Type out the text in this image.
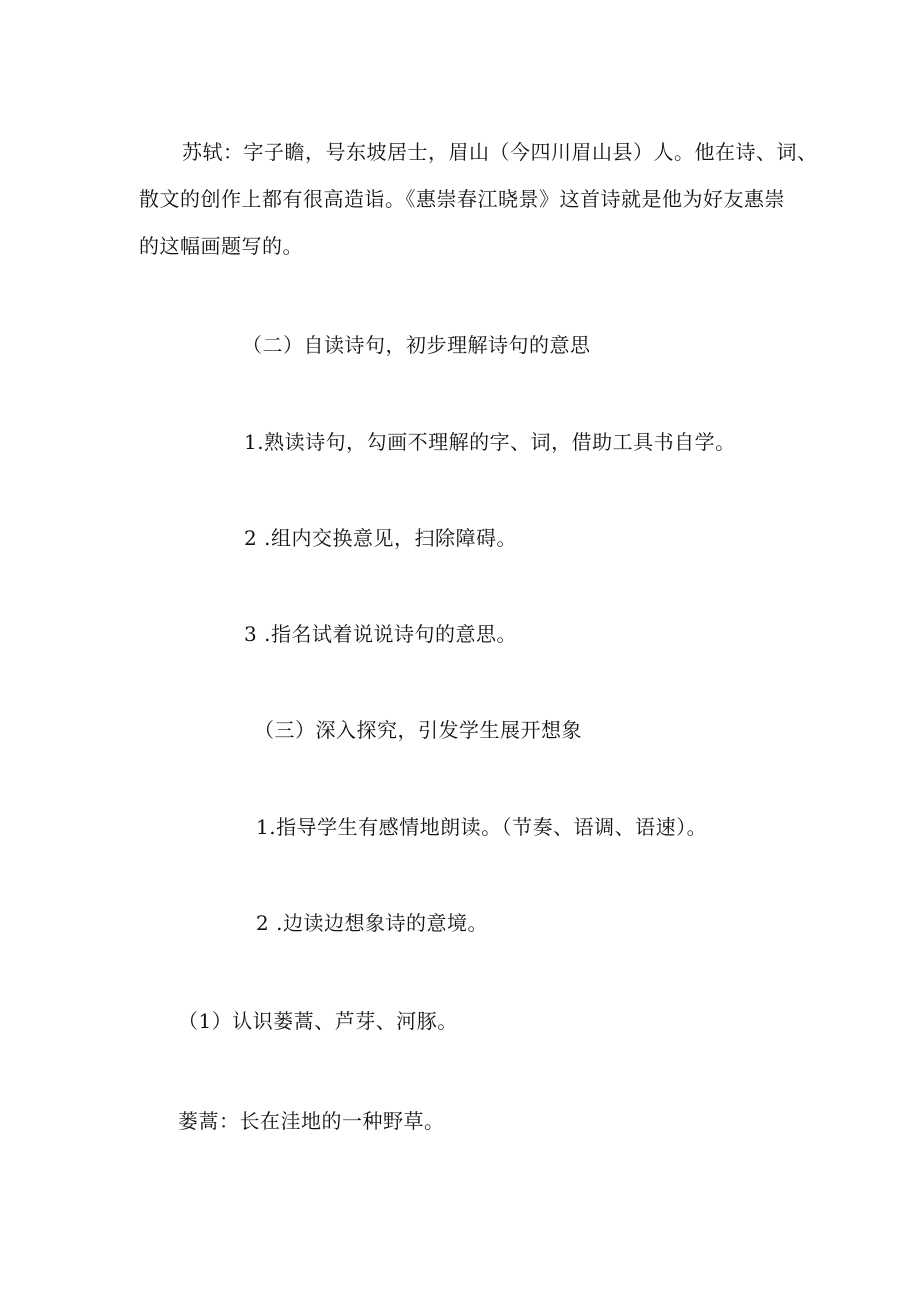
苏轼：字子瞻，号东坡居士，眉山（今四川眉山县）人。他在诗、词、
散文的创作上都有很高造诣。《惠崇春江晓景》这首诗就是他为好友惠崇
的这幅画题写的。
（二）自读诗句，初步理解诗句的意思
1.熟读诗句，勾画不理解的字、词，借助工具书自学。
2 .组内交换意见，扫除障碍。
3 .指名试着说说诗句的意思。
（三）深入探究，引发学生展开想象
1.指导学生有感情地朗读。（节奏、语调、语速）。
2 .边读边想象诗的意境。
（1）认识蒌蒿、芦芽、河豚。
蒌蒿：长在洼地的一种野草。
